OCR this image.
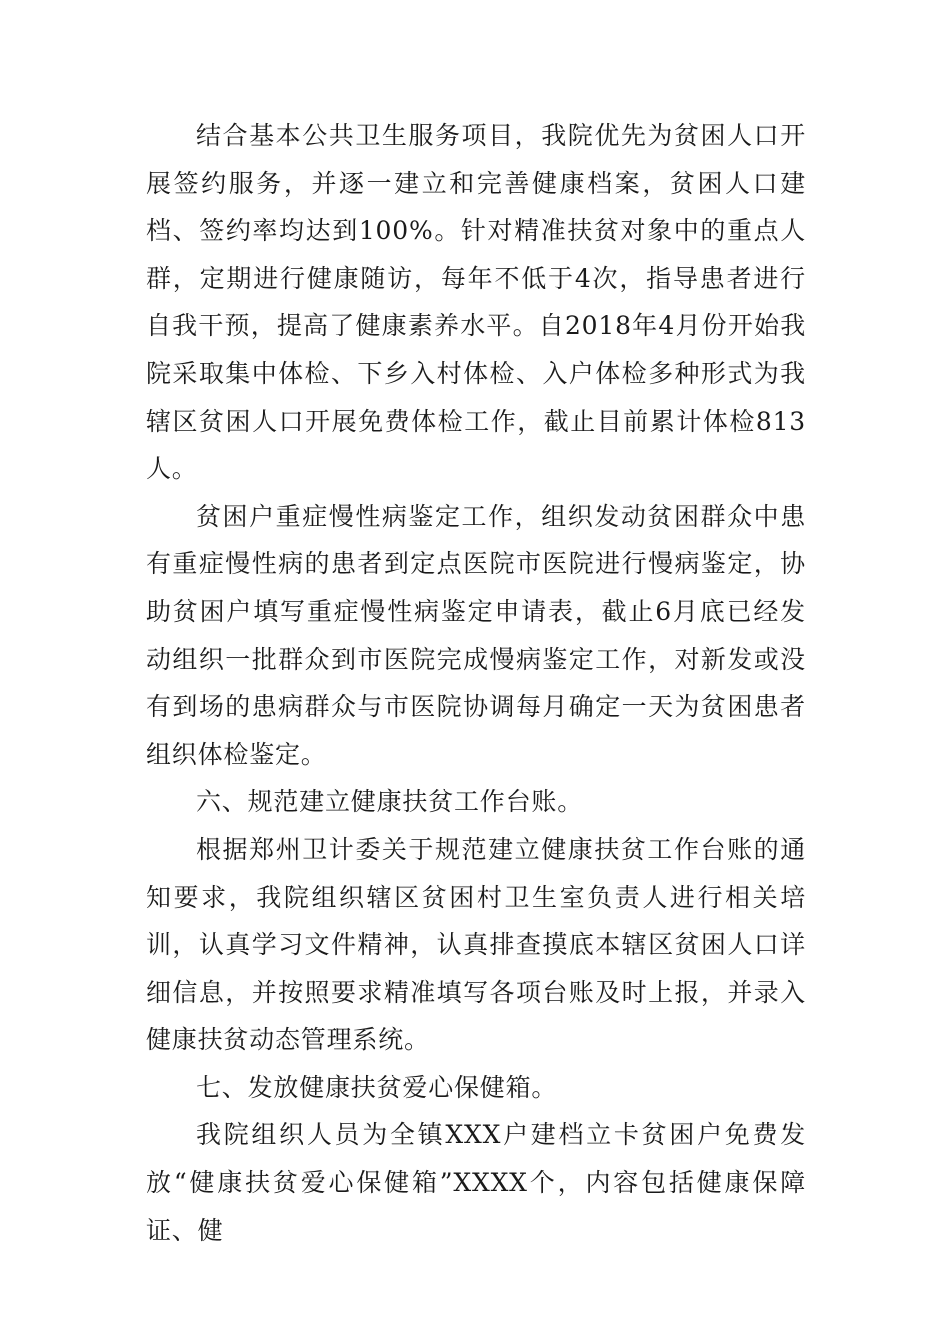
结合基本公共卫生服务项目，我院优先为贫困人口开展签约服务，并逐一建立和完善健康档案，贫困人口建档、签约率均达到100%。针对精准扶贫对象中的重点人群，定期进行健康随访，每年不低于4次，指导患者进行自我干预，提高了健康素养水平。自2018年4月份开始我院采取集中体检、下乡入村体检、入户体检多种形式为我辖区贫困人口开展免费体检工作，截止目前累计体检813人。

贫困户重症慢性病鉴定工作，组织发动贫困群众中患有重症慢性病的患者到定点医院市医院进行慢病鉴定，协助贫困户填写重症慢性病鉴定申请表，截止6月底已经发动组织一批群众到市医院完成慢病鉴定工作，对新发或没有到场的患病群众与市医院协调每月确定一天为贫困患者组织体检鉴定。

六、规范建立健康扶贫工作台账。

根据郑州卫计委关于规范建立健康扶贫工作台账的通知要求，我院组织辖区贫困村卫生室负责人进行相关培训，认真学习文件精神，认真排查摸底本辖区贫困人口详细信息，并按照要求精准填写各项台账及时上报，并录入健康扶贫动态管理系统。

七、发放健康扶贫爱心保健箱。

我院组织人员为全镇XXX户建档立卡贫困户免费发放“健康扶贫爱心保健箱”XXXX个，内容包括健康保障证、健
